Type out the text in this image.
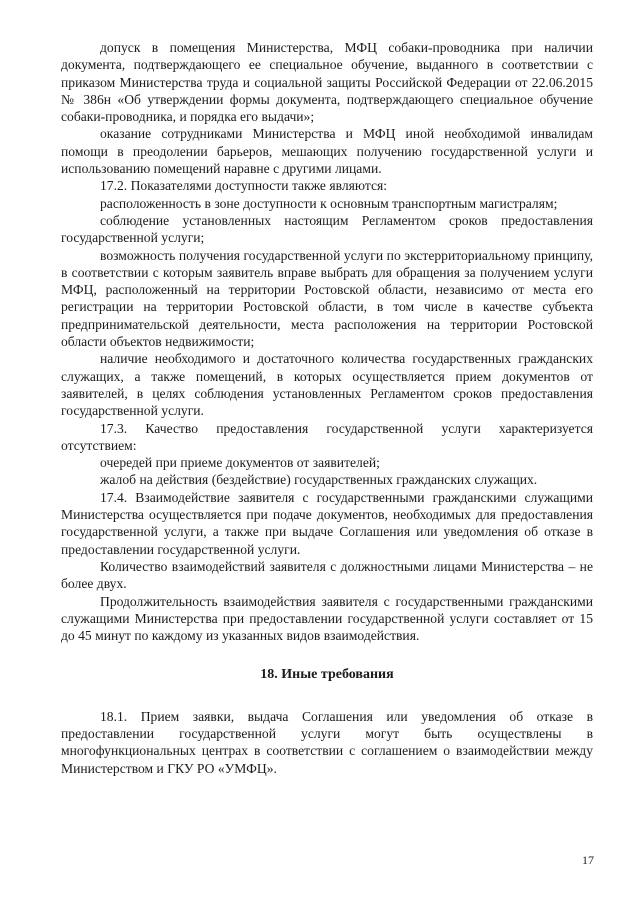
допуск в помещения Министерства, МФЦ собаки-проводника при наличии документа, подтверждающего ее специальное обучение, выданного в соответствии с приказом Министерства труда и социальной защиты Российской Федерации от 22.06.2015 № 386н «Об утверждении формы документа, подтверждающего специальное обучение собаки-проводника, и порядка его выдачи»;

оказание сотрудниками Министерства и МФЦ иной необходимой инвалидам помощи в преодолении барьеров, мешающих получению государственной услуги и использованию помещений наравне с другими лицами.

17.2. Показателями доступности также являются:

расположенность в зоне доступности к основным транспортным магистралям;

соблюдение установленных настоящим Регламентом сроков предоставления государственной услуги;

возможность получения государственной услуги по экстерриториальному принципу, в соответствии с которым заявитель вправе выбрать для обращения за получением услуги МФЦ, расположенный на территории Ростовской области, независимо от места его регистрации на территории Ростовской области, в том числе в качестве субъекта предпринимательской деятельности, места расположения на территории Ростовской области объектов недвижимости;

наличие необходимого и достаточного количества государственных гражданских служащих, а также помещений, в которых осуществляется прием документов от заявителей, в целях соблюдения установленных Регламентом сроков предоставления государственной услуги.

17.3. Качество предоставления государственной услуги характеризуется отсутствием:

очередей при приеме документов от заявителей;

жалоб на действия (бездействие) государственных гражданских служащих.

17.4. Взаимодействие заявителя с государственными гражданскими служащими Министерства осуществляется при подаче документов, необходимых для предоставления государственной услуги, а также при выдаче Соглашения или уведомления об отказе в предоставлении государственной услуги.

Количество взаимодействий заявителя с должностными лицами Министерства – не более двух.

Продолжительность взаимодействия заявителя с государственными гражданскими служащими Министерства при предоставлении государственной услуги составляет от 15 до 45 минут по каждому из указанных видов взаимодействия.

18. Иные требования

18.1. Прием заявки, выдача Соглашения или уведомления об отказе в предоставлении государственной услуги могут быть осуществлены в многофункциональных центрах в соответствии с соглашением о взаимодействии между Министерством и ГКУ РО «УМФЦ».

17
